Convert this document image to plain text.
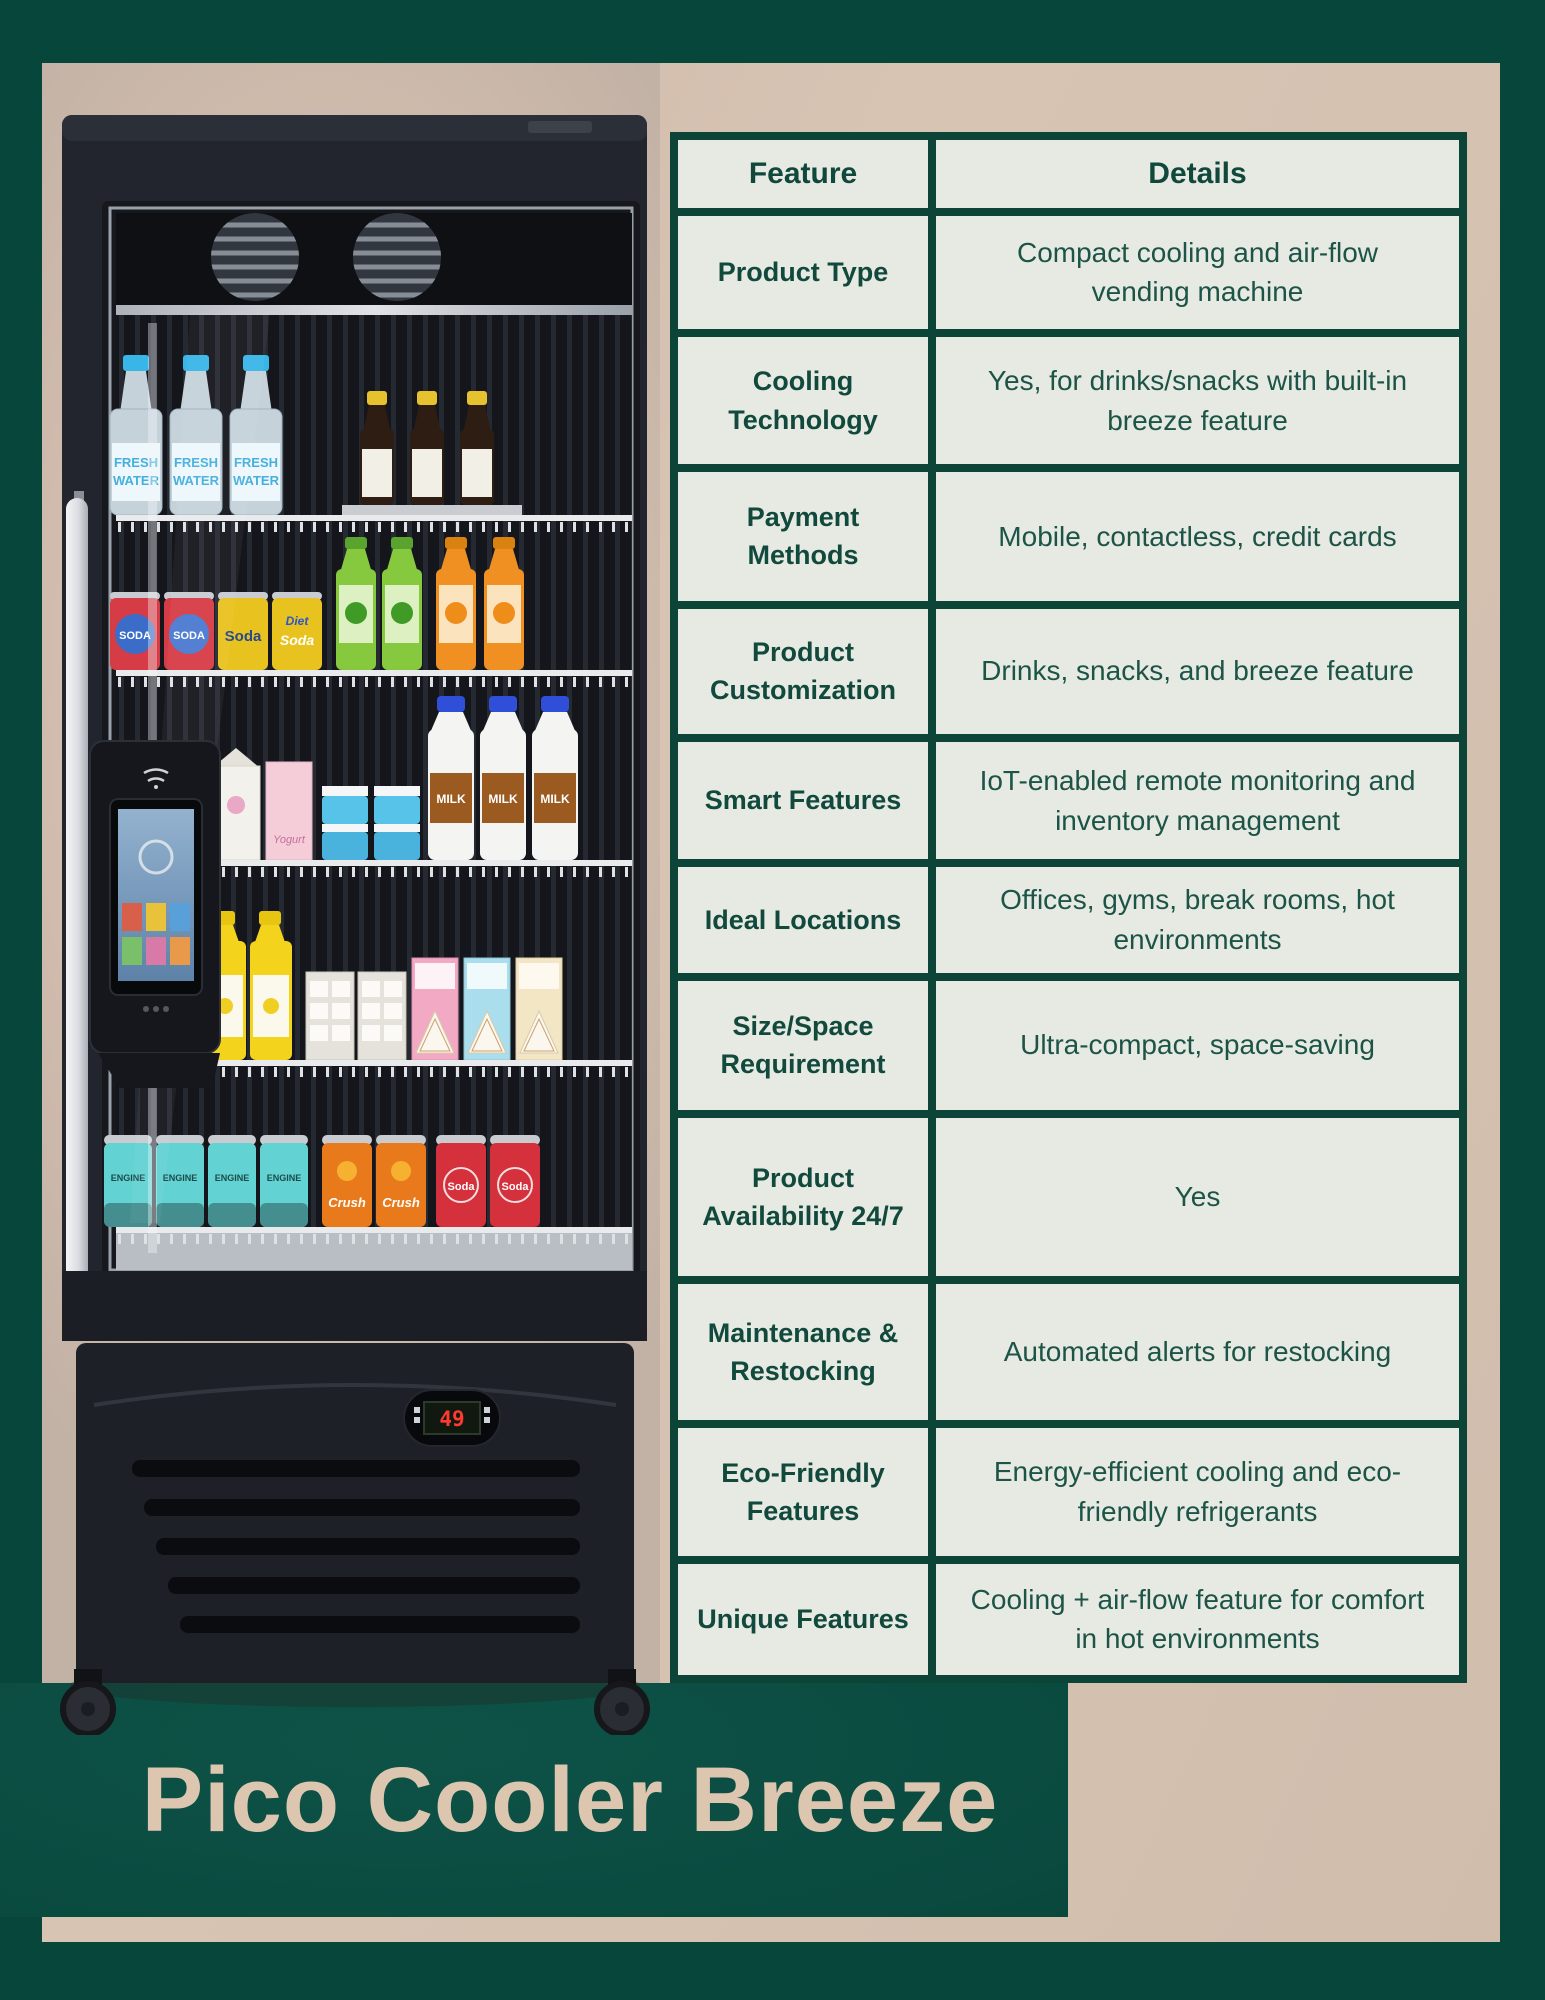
Pico Cooler Breeze
Feature	Details
Product Type
Compact cooling and air-flow vending machine
Cooling Technology
Yes, for drinks/snacks with built-in breeze feature
Payment Methods
Mobile, contactless, credit cards
Product Customization
Drinks, snacks, and breeze feature
Smart Features
IoT-enabled remote monitoring and inventory management
Ideal Locations
Offices, gyms, break rooms, hot environments
Size/Space Requirement
Ultra-compact, space-saving
Product Availability 24/7
Yes
Maintenance & Restocking
Automated alerts for restocking
Eco-Friendly Features
Energy-efficient cooling and eco-friendly refrigerants
Unique Features
Cooling + air-flow feature for comfort in hot environments
FRESH
WATER
FRESH
WATER
FRESH
WATER
SODA SODA Soda
Diet
Soda
Yogurt
MILK MILK MILK
ENGINE ENGINE ENGINE ENGINE
Crush Crush
Soda Soda
49
